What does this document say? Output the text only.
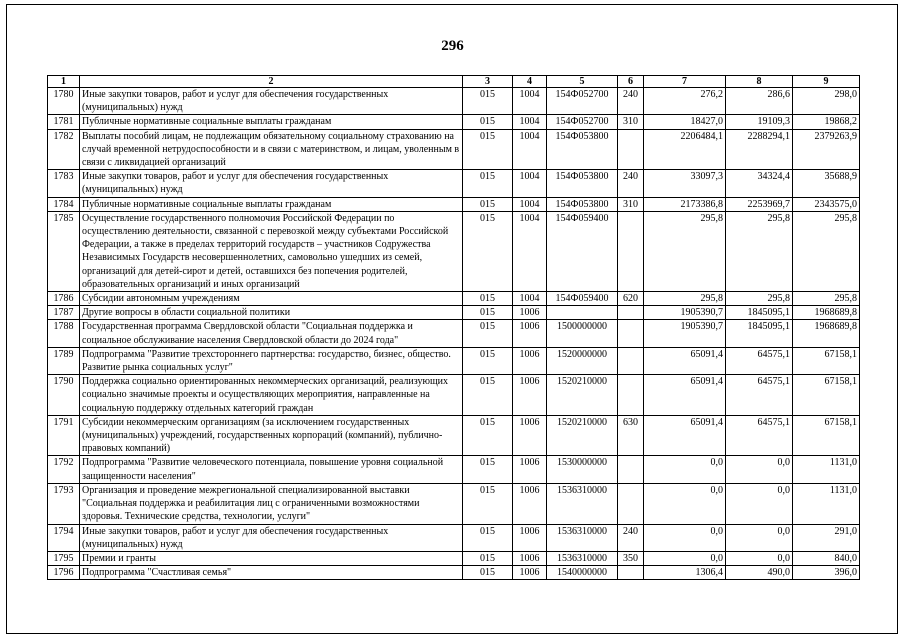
296
1	2	3	4	5	6	7	8	9
1780	Иные закупки товаров, работ и услуг для обеспечения государственных (муниципальных) нужд	015	1004	154Ф052700	240	276,2	286,6	298,0
1781	Публичные нормативные социальные выплаты гражданам	015	1004	154Ф052700	310	18427,0	19109,3	19868,2
1782	Выплаты пособий лицам, не подлежащим обязательному социальному страхованию на случай временной нетрудоспособности и в связи с материнством, и лицам, уволенным в связи с ликвидацией организаций	015	1004	154Ф053800		2206484,1	2288294,1	2379263,9
1783	Иные закупки товаров, работ и услуг для обеспечения государственных (муниципальных) нужд	015	1004	154Ф053800	240	33097,3	34324,4	35688,9
1784	Публичные нормативные социальные выплаты гражданам	015	1004	154Ф053800	310	2173386,8	2253969,7	2343575,0
1785	Осуществление государственного полномочия Российской Федерации по осуществлению деятельности, связанной с перевозкой между субъектами Российской Федерации, а также в пределах территорий государств – участников Содружества Независимых Государств несовершеннолетних, самовольно ушедших из семей, организаций для детей-сирот и детей, оставшихся без попечения родителей, образовательных организаций и иных организаций	015	1004	154Ф059400		295,8	295,8	295,8
1786	Субсидии автономным учреждениям	015	1004	154Ф059400	620	295,8	295,8	295,8
1787	Другие вопросы в области социальной политики	015	1006			1905390,7	1845095,1	1968689,8
1788	Государственная программа Свердловской области "Социальная поддержка и социальное обслуживание населения Свердловской области до 2024 года"	015	1006	1500000000		1905390,7	1845095,1	1968689,8
1789	Подпрограмма "Развитие трехстороннего партнерства: государство, бизнес, общество. Развитие рынка социальных услуг"	015	1006	1520000000		65091,4	64575,1	67158,1
1790	Поддержка социально ориентированных некоммерческих организаций, реализующих социально значимые проекты и осуществляющих мероприятия, направленные на социальную поддержку отдельных категорий граждан	015	1006	1520210000		65091,4	64575,1	67158,1
1791	Субсидии некоммерческим организациям (за исключением государственных (муниципальных) учреждений, государственных корпораций (компаний), публично-правовых компаний)	015	1006	1520210000	630	65091,4	64575,1	67158,1
1792	Подпрограмма "Развитие человеческого потенциала, повышение уровня социальной защищенности населения"	015	1006	1530000000		0,0	0,0	1131,0
1793	Организация и проведение межрегиональной специализированной выставки "Социальная поддержка и реабилитация лиц с ограниченными возможностями здоровья. Технические средства, технологии, услуги"	015	1006	1536310000		0,0	0,0	1131,0
1794	Иные закупки товаров, работ и услуг для обеспечения государственных (муниципальных) нужд	015	1006	1536310000	240	0,0	0,0	291,0
1795	Премии и гранты	015	1006	1536310000	350	0,0	0,0	840,0
1796	Подпрограмма "Счастливая семья"	015	1006	1540000000		1306,4	490,0	396,0
